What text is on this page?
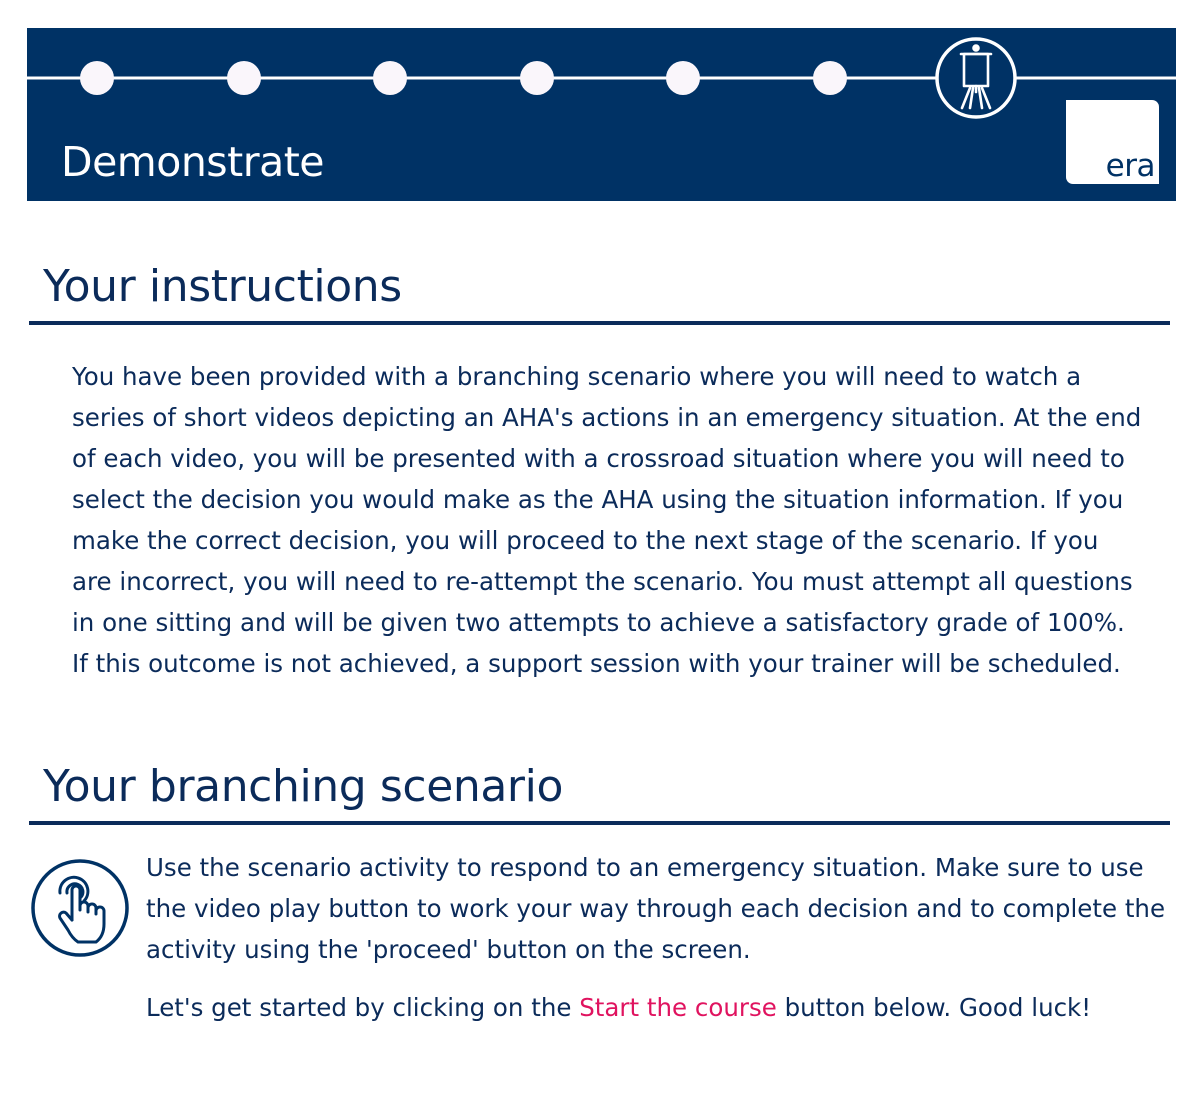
Demonstrate	era
Your instructions

You have been provided with a branching scenario where you will need to watch a series of short videos depicting an AHA's actions in an emergency situation. At the end of each video, you will be presented with a crossroad situation where you will need to select the decision you would make as the AHA using the situation information. If you make the correct decision, you will proceed to the next stage of the scenario. If you are incorrect, you will need to re-attempt the scenario. You must attempt all questions in one sitting and will be given two attempts to achieve a satisfactory grade of 100%. If this outcome is not achieved, a support session with your trainer will be scheduled.

Your branching scenario

Use the scenario activity to respond to an emergency situation. Make sure to use the video play button to work your way through each decision and to complete the activity using the 'proceed' button on the screen.

Let's get started by clicking on the Start the course button below. Good luck!
